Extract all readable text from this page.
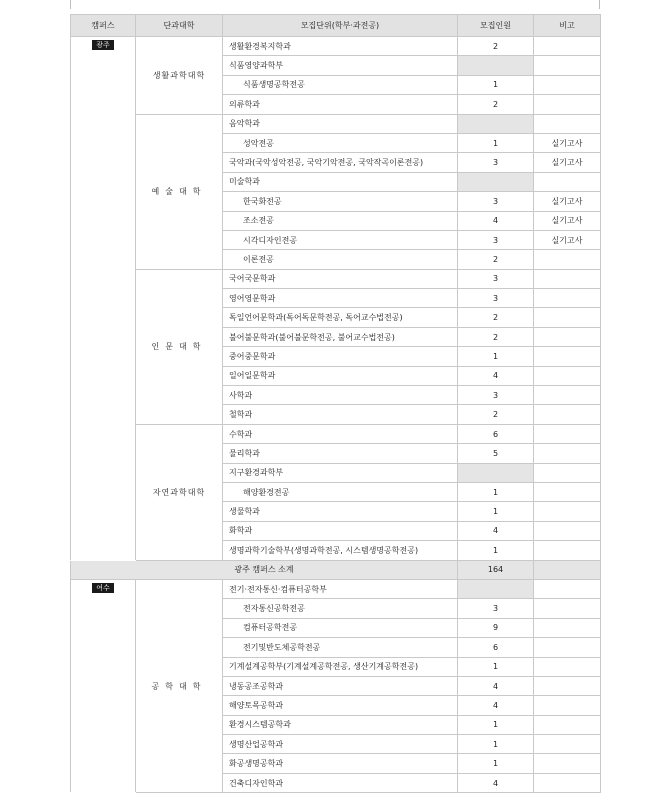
캠퍼스	단과대학	모집단위(학부·과전공)	모집인원	비고
광주	생활과학대학	생활환경복지학과	2	
		식품영양과학부		
		식품생명공학전공	1	
		의류학과	2	
	예술대학	음악학과		
		성악전공	1	실기고사
		국악과(국악성악전공, 국악기악전공, 국악작곡이론전공)	3	실기고사
		미술학과		
		한국화전공	3	실기고사
		조소전공	4	실기고사
		시각디자인전공	3	실기고사
		이론전공	2	
	인문대학	국어국문학과	3	
		영어영문학과	3	
		독일언어문학과(독어독문학전공, 독어교수법전공)	2	
		불어불문학과(불어불문학전공, 불어교수법전공)	2	
		중어중문학과	1	
		일어일문학과	4	
		사학과	3	
		철학과	2	
	자연과학대학	수학과	6	
		물리학과	5	
		지구환경과학부		
		해양환경전공	1	
		생물학과	1	
		화학과	4	
		생명과학기술학부(생명과학전공, 시스템생명공학전공)	1	
광주 캠퍼스 소계			164	
여수	공학대학	전기·전자통신·컴퓨터공학부		
		전자통신공학전공	3	
		컴퓨터공학전공	9	
		전기및반도체공학전공	6	
		기계설계공학부(기계설계공학전공, 생산기계공학전공)	1	
		냉동공조공학과	4	
		해양토목공학과	4	
		환경시스템공학과	1	
		생명산업공학과	1	
		화공생명공학과	1	
		건축디자인학과	4	
